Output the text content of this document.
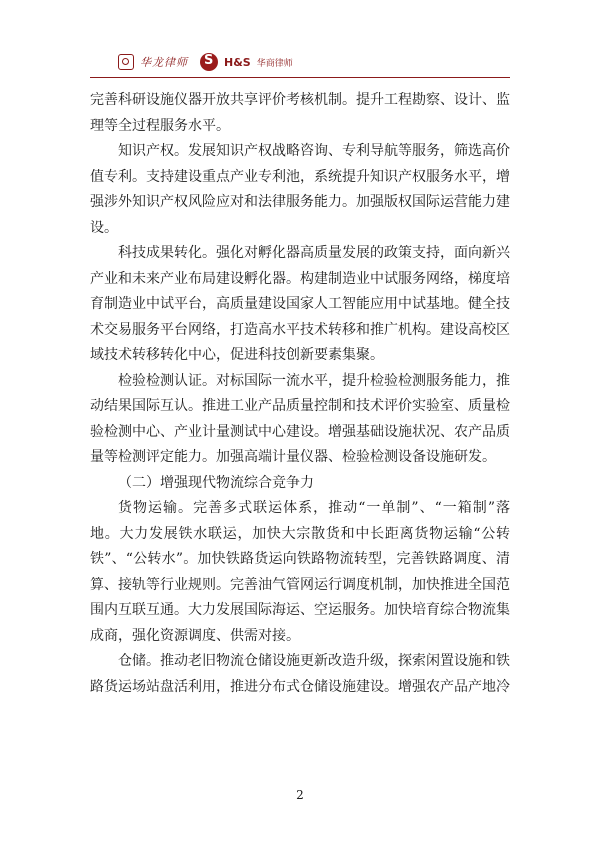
华龙律师
S	H&S 华商律师

完善科研设施仪器开放共享评价考核机制。提升工程勘察、设计、监理等全过程服务水平。

知识产权。发展知识产权战略咨询、专利导航等服务，筛选高价值专利。支持建设重点产业专利池，系统提升知识产权服务水平，增强涉外知识产权风险应对和法律服务能力。加强版权国际运营能力建设。

科技成果转化。强化对孵化器高质量发展的政策支持，面向新兴产业和未来产业布局建设孵化器。构建制造业中试服务网络，梯度培育制造业中试平台，高质量建设国家人工智能应用中试基地。健全技术交易服务平台网络，打造高水平技术转移和推广机构。建设高校区域技术转移转化中心，促进科技创新要素集聚。

检验检测认证。对标国际一流水平，提升检验检测服务能力，推动结果国际互认。推进工业产品质量控制和技术评价实验室、质量检验检测中心、产业计量测试中心建设。增强基础设施状况、农产品质量等检测评定能力。加强高端计量仪器、检验检测设备设施研发。

（二）增强现代物流综合竞争力

货物运输。完善多式联运体系，推动“一单制”、“一箱制”落地。大力发展铁水联运，加快大宗散货和中长距离货物运输“公转铁”、“公转水”。加快铁路货运向铁路物流转型，完善铁路调度、清算、接轨等行业规则。完善油气管网运行调度机制，加快推进全国范围内互联互通。大力发展国际海运、空运服务。加快培育综合物流集成商，强化资源调度、供需对接。

仓储。推动老旧物流仓储设施更新改造升级，探索闲置设施和铁路货运场站盘活利用，推进分布式仓储设施建设。增强农产品产地冷

2
